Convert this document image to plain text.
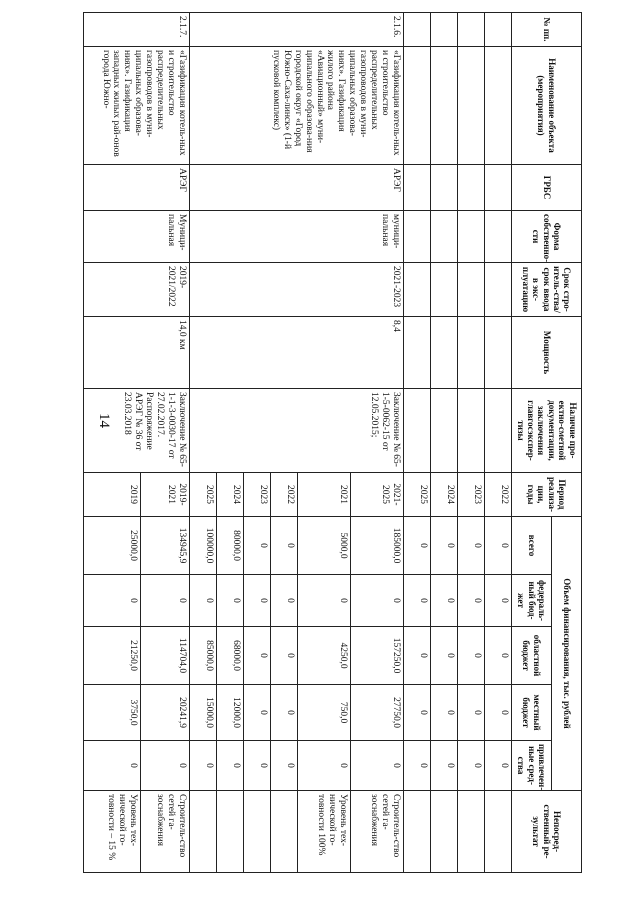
14
№ пп.	Наименование объекта (мероприятия)	ГРБС	Форма собственно-сти	Срок стро-итель-ства/срок ввода в экс-плуатацию	Мощность	Наличие про-ектно-сметной документации, заключения главгосэкспер-тизы	Период реализа-ции, годы	Объем финансирования, тыс. рублей					Непосред-ственный ре-зультат
								всего	федераль-ный бюд-жет	областной бюджет	местный бюджет	привлечен-ные сред-ства	
							2022	0	0	0	0	0	
							2023	0	0	0	0	0	
							2024	0	0	0	0	0	
							2025	0	0	0	0	0	
2.1.6.	«Газификация котель-ных и строительство распределительных газопроводов в муни-ципальных образова-ниях». Газификация жилого района «Авиационный» муни-ципального образова-ния городской округ «Город Южно-Саха-линск» (1-й пусковой комплекс)	АРЭГ	муници-пальная	2021-2023	8,4	Заключение № 65-1-5-0062-15 от 12.05.2015;	2021-2025	185000,0	0	157250,0	27750,0	0	Строитель-ство сетей га-зоснабжения
							2021	5000,0	0	4250,0	750,0	0	Уровень тех-нической го-товности 100%
							2022	0	0	0	0	0	
							2023	0	0	0	0	0	
							2024	80000,0	0	68000,0	12000,0	0	
							2025	100000,0	0	85000,0	15000,0	0	
2.1.7.	«Газификация котель-ных и строительство распределительных газопроводов в муни-ципальных образова-ниях». Газификация западных жилых рай-онов города Южно-	АРЭГ	Муници-пальная	2019-2021/2022	14,0 км	Заключение № 65-1-1-3-0030-17 от 27.02.2017. Распоряжение АРЭГ № 36 от 23.03.2018	2019-2021	134945,9	0	114704,0	20241,9	0	Строитель-ство сетей га-зоснабжения
							2019	25000,0	0	21250,0	3750,0	0	Уровень тех-нической го-товности – 15 %
